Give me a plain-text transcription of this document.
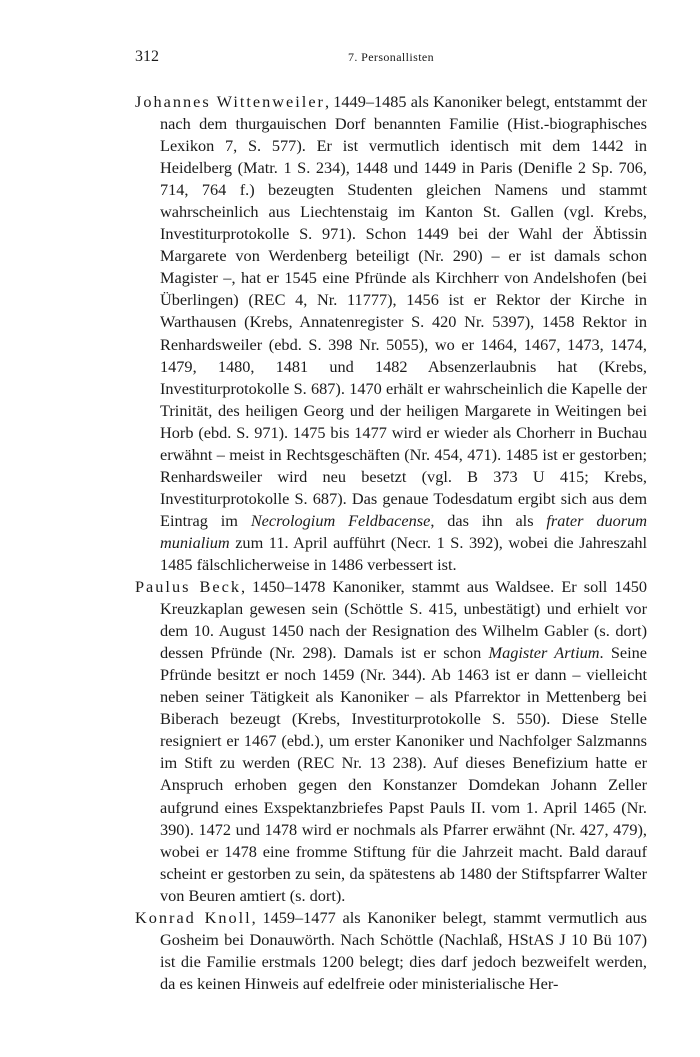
312	7. Personallisten

Johannes Wittenweiler, 1449–1485 als Kanoniker belegt, entstammt der nach dem thurgauischen Dorf benannten Familie (Hist.-biographisches Lexikon 7, S. 577). Er ist vermutlich identisch mit dem 1442 in Heidelberg (Matr. 1 S. 234), 1448 und 1449 in Paris (Denifle 2 Sp. 706, 714, 764 f.) bezeugten Studenten gleichen Namens und stammt wahrscheinlich aus Liechtenstaig im Kanton St. Gallen (vgl. Krebs, Investiturprotokolle S. 971). Schon 1449 bei der Wahl der Äbtissin Margarete von Werdenberg beteiligt (Nr. 290) – er ist damals schon Magister –, hat er 1545 eine Pfründe als Kirchherr von Andelshofen (bei Überlingen) (REC 4, Nr. 11777), 1456 ist er Rektor der Kirche in Warthausen (Krebs, Annatenregister S. 420 Nr. 5397), 1458 Rektor in Renhardsweiler (ebd. S. 398 Nr. 5055), wo er 1464, 1467, 1473, 1474, 1479, 1480, 1481 und 1482 Absenzerlaubnis hat (Krebs, Investiturprotokolle S. 687). 1470 erhält er wahrscheinlich die Kapelle der Trinität, des heiligen Georg und der heiligen Margarete in Weitingen bei Horb (ebd. S. 971). 1475 bis 1477 wird er wieder als Chorherr in Buchau erwähnt – meist in Rechtsgeschäften (Nr. 454, 471). 1485 ist er gestorben; Renhardsweiler wird neu besetzt (vgl. B 373 U 415; Krebs, Investiturprotokolle S. 687). Das genaue Todesdatum ergibt sich aus dem Eintrag im Necrologium Feldbacense, das ihn als frater duorum munialium zum 11. April aufführt (Necr. 1 S. 392), wobei die Jahreszahl 1485 fälschlicherweise in 1486 verbessert ist.

Paulus Beck, 1450–1478 Kanoniker, stammt aus Waldsee. Er soll 1450 Kreuzkaplan gewesen sein (Schöttle S. 415, unbestätigt) und erhielt vor dem 10. August 1450 nach der Resignation des Wilhelm Gabler (s. dort) dessen Pfründe (Nr. 298). Damals ist er schon Magister Artium. Seine Pfründe besitzt er noch 1459 (Nr. 344). Ab 1463 ist er dann – vielleicht neben seiner Tätigkeit als Kanoniker – als Pfarrektor in Mettenberg bei Biberach bezeugt (Krebs, Investiturprotokolle S. 550). Diese Stelle resigniert er 1467 (ebd.), um erster Kanoniker und Nachfolger Salzmanns im Stift zu werden (REC Nr. 13 238). Auf dieses Benefizium hatte er Anspruch erhoben gegen den Konstanzer Domdekan Johann Zeller aufgrund eines Exspektanzbriefes Papst Pauls II. vom 1. April 1465 (Nr. 390). 1472 und 1478 wird er nochmals als Pfarrer erwähnt (Nr. 427, 479), wobei er 1478 eine fromme Stiftung für die Jahrzeit macht. Bald darauf scheint er gestorben zu sein, da spätestens ab 1480 der Stiftspfarrer Walter von Beuren amtiert (s. dort).

Konrad Knoll, 1459–1477 als Kanoniker belegt, stammt vermutlich aus Gosheim bei Donauwörth. Nach Schöttle (Nachlaß, HStAS J 10 Bü 107) ist die Familie erstmals 1200 belegt; dies darf jedoch bezweifelt werden, da es keinen Hinweis auf edelfreie oder ministerialische Her-
